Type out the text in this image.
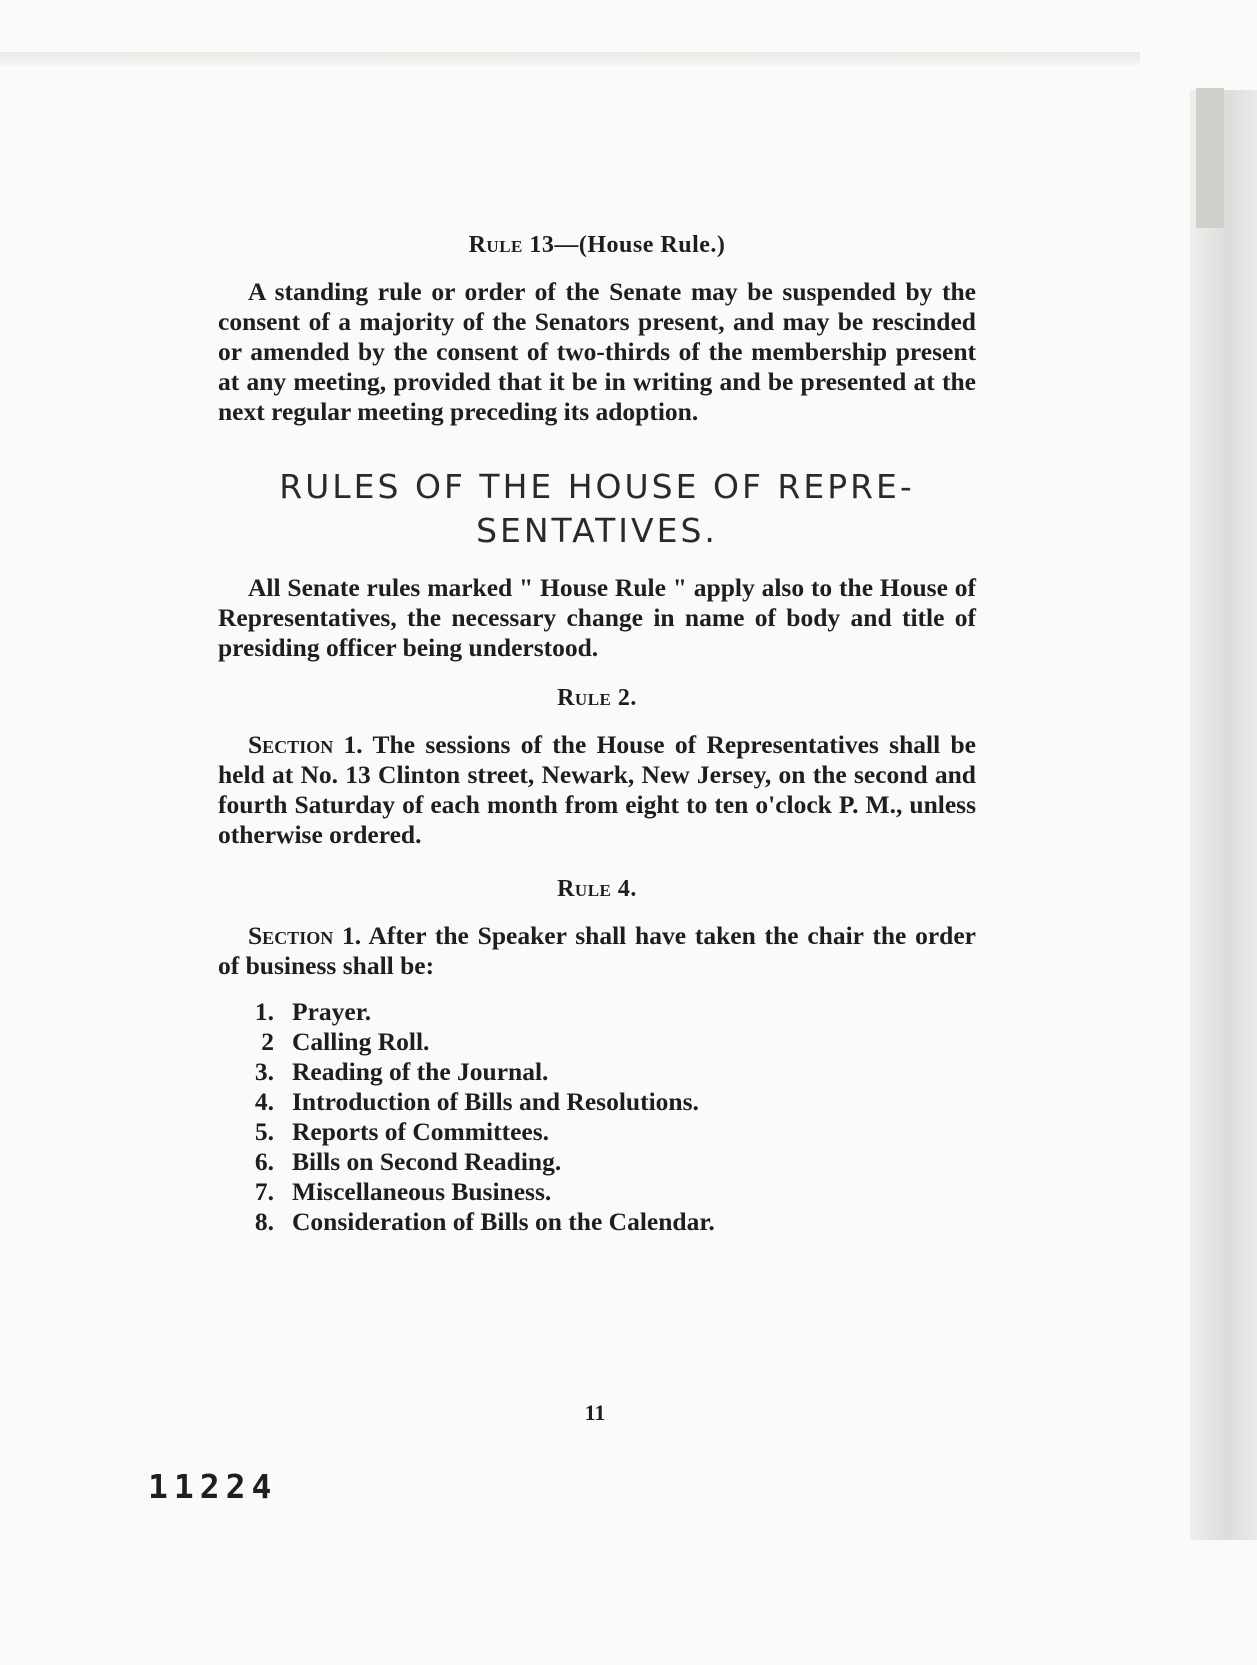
Rule 13—(House Rule.)

A standing rule or order of the Senate may be suspended by the consent of a majority of the Senators present, and may be rescinded or amended by the consent of two-thirds of the membership present at any meeting, provided that it be in writing and be presented at the next regular meeting preceding its adoption.

RULES OF THE HOUSE OF REPRE-
SENTATIVES.

All Senate rules marked " House Rule " apply also to the House of Representatives, the necessary change in name of body and title of presiding officer being understood.

Rule 2.

Section 1. The sessions of the House of Representatives shall be held at No. 13 Clinton street, Newark, New Jersey, on the second and fourth Saturday of each month from eight to ten o'clock P. M., unless otherwise ordered.

Rule 4.

Section 1. After the Speaker shall have taken the chair the order of business shall be:

1. Prayer.
2 Calling Roll.
3. Reading of the Journal.
4. Introduction of Bills and Resolutions.
5. Reports of Committees.
6. Bills on Second Reading.
7. Miscellaneous Business.
8. Consideration of Bills on the Calendar.
11
11224
